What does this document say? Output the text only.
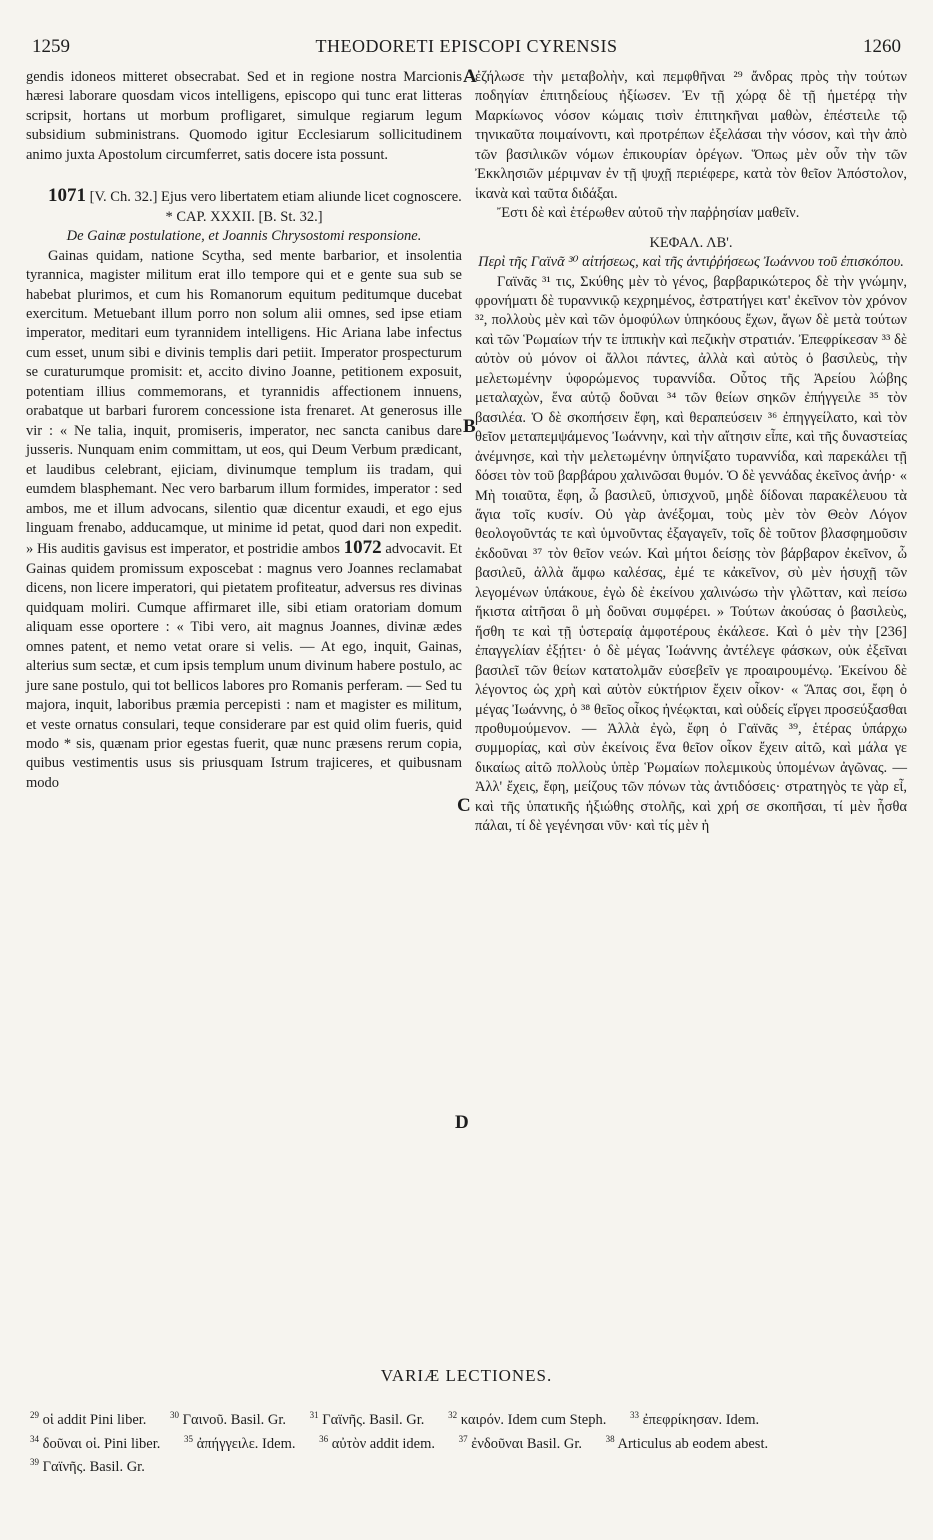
1259	THEODORETI EPISCOPI CYRENSIS	1260

gendis idoneos mitteret obsecrabat. Sed et in regione nostra Marcionis hæresi laborare quosdam vicos intelligens, episcopo qui tunc erat litteras scripsit, hortans ut morbum profligaret, simulque regiarum legum subsidium subministrans. Quomodo igitur Ecclesiarum sollicitudinem animo juxta Apostolum circumferret, satis docere ista possunt.

1071 [V. Ch. 32.] Ejus vero libertatem etiam aliunde licet cognoscere.

* CAP. XXXII. [B. St. 32.]

De Gainæ postulatione, et Joannis Chrysostomi responsione.

Gainas quidam, natione Scytha, sed mente barbarior, et insolentia tyrannica, magister militum erat illo tempore qui et e gente sua sub se habebat plurimos, et cum his Romanorum equitum peditumque ducebat exercitum. Metuebant illum porro non solum alii omnes, sed ipse etiam imperator, meditari eum tyrannidem intelligens. Hic Ariana labe infectus cum esset, unum sibi e divinis templis dari petiit. Imperator prospecturum se curaturumque promisit: et, accito divino Joanne, petitionem exposuit, potentiam illius commemorans, et tyrannidis affectionem innuens, orabatque ut barbari furorem concessione ista frenaret. At generosus ille vir : « Ne talia, inquit, promiseris, imperator, nec sancta canibus dare jusseris. Nunquam enim committam, ut eos, qui Deum Verbum prædicant, et laudibus celebrant, ejiciam, divinumque templum iis tradam, qui eumdem blasphemant. Nec vero barbarum illum formides, imperator : sed ambos, me et illum advocans, silentio quæ dicentur exaudi, et ego ejus linguam frenabo, adducamque, ut minime id petat, quod dari non expedit. » His auditis gavisus est imperator, et postridie ambos 1072 advocavit. Et Gainas quidem promissum exposcebat : magnus vero Joannes reclamabat dicens, non licere imperatori, qui pietatem profiteatur, adversus res divinas quidquam moliri. Cumque affirmaret ille, sibi etiam oratoriam domum aliquam esse oportere : « Tibi vero, ait magnus Joannes, divinæ ædes omnes patent, et nemo vetat orare si velis. — At ego, inquit, Gainas, alterius sum sectæ, et cum ipsis templum unum divinum habere postulo, ac jure sane postulo, qui tot bellicos labores pro Romanis perferam. — Sed tu majora, inquit, laboribus præmia percepisti : nam et magister es militum, et veste ornatus consulari, teque considerare par est quid olim fueris, quid modo * sis, quænam prior egestas fuerit, quæ nunc præsens rerum copia, quibus vestimentis usus sis priusquam Istrum trajiceres, et quibusnam modo

A
B
C
D

ἐζήλωσε τὴν μεταβολὴν, καὶ πεμφθῆναι ²⁹ ἄνδρας πρὸς τὴν τούτων ποδηγίαν ἐπιτηδείους ἠξίωσεν. Ἐν τῇ χώρᾳ δὲ τῇ ἡμετέρᾳ τὴν Μαρκίωνος νόσον κώμαις τισὶν ἐπιτηκῆναι μαθὼν, ἐπέστειλε τῷ τηνικαῦτα ποιμαίνοντι, καὶ προτρέπων ἐξελάσαι τὴν νόσον, καὶ τὴν ἀπὸ τῶν βασιλικῶν νόμων ἐπικουρίαν ὀρέγων. Ὅπως μὲν οὖν τὴν τῶν Ἐκκλησιῶν μέριμναν ἐν τῇ ψυχῇ περιέφερε, κατὰ τὸν θεῖον Ἀπόστολον, ἱκανὰ καὶ ταῦτα διδάξαι.

Ἔστι δὲ καὶ ἑτέρωθεν αὐτοῦ τὴν παῤῥησίαν μαθεῖν.

ΚΕΦΑΛ. ΛΒ'.

Περὶ τῆς Γαϊνᾶ ³⁰ αἰτήσεως, καὶ τῆς ἀντιῤῥήσεως Ἰωάννου τοῦ ἐπισκόπου.

Γαϊνᾶς ³¹ τις, Σκύθης μὲν τὸ γένος, βαρβαρικώτερος δὲ τὴν γνώμην, φρονήματι δὲ τυραννικῷ κεχρημένος, ἐστρατήγει κατ' ἐκεῖνον τὸν χρόνον ³², πολλοὺς μὲν καὶ τῶν ὁμοφύλων ὑπηκόους ἔχων, ἄγων δὲ μετὰ τούτων καὶ τῶν Ῥωμαίων τήν τε ἱππικὴν καὶ πεζικὴν στρατιάν. Ἐπεφρίκεσαν ³³ δὲ αὐτὸν οὐ μόνον οἱ ἄλλοι πάντες, ἀλλὰ καὶ αὐτὸς ὁ βασιλεὺς, τὴν μελετωμένην ὑφορώμενος τυραννίδα. Οὗτος τῆς Ἀρείου λώβης μεταλαχὼν, ἕνα αὐτῷ δοῦναι ³⁴ τῶν θείων σηκῶν ἐπήγγειλε ³⁵ τὸν βασιλέα. Ὁ δὲ σκοπήσειν ἔφη, καὶ θεραπεύσειν ³⁶ ἐπηγγείλατο, καὶ τὸν θεῖον μεταπεμψάμενος Ἰωάννην, καὶ τὴν αἴτησιν εἶπε, καὶ τῆς δυναστείας ἀνέμνησε, καὶ τὴν μελετωμένην ὑπηνίξατο τυραννίδα, καὶ παρεκάλει τῇ δόσει τὸν τοῦ βαρβάρου χαλινῶσαι θυμόν. Ὁ δὲ γεννάδας ἐκεῖνος ἀνήρ· « Μὴ τοιαῦτα, ἔφη, ὦ βασιλεῦ, ὑπισχνοῦ, μηδὲ δίδοναι παρακέλευου τὰ ἅγια τοῖς κυσίν. Οὐ γὰρ ἀνέξομαι, τοὺς μὲν τὸν Θεὸν Λόγον θεολογοῦντάς τε καὶ ὑμνοῦντας ἐξαγαγεῖν, τοῖς δὲ τοῦτον βλασφημοῦσιν ἐκδοῦναι ³⁷ τὸν θεῖον νεών. Καὶ μήτοι δείσῃς τὸν βάρβαρον ἐκεῖνον, ὦ βασιλεῦ, ἀλλὰ ἄμφω καλέσας, ἐμέ τε κἀκεῖνον, σὺ μὲν ἡσυχῇ τῶν λεγομένων ὑπάκουε, ἐγὼ δὲ ἐκείνου χαλινώσω τὴν γλῶτταν, καὶ πείσω ἥκιστα αἰτῆσαι ὃ μὴ δοῦναι συμφέρει. » Τούτων ἀκούσας ὁ βασιλεὺς, ἥσθη τε καὶ τῇ ὑστεραίᾳ ἀμφοτέρους ἐκάλεσε. Καὶ ὁ μὲν τὴν [236] ἐπαγγελίαν ἐξῄτει· ὁ δὲ μέγας Ἰωάννης ἀντέλεγε φάσκων, οὐκ ἐξεῖναι βασιλεῖ τῶν θείων κατατολμᾶν εὐσεβεῖν γε προαιρουμένῳ. Ἐκείνου δὲ λέγοντος ὡς χρὴ καὶ αὐτὸν εὐκτήριον ἔχειν οἶκον· « Ἅπας σοι, ἔφη ὁ μέγας Ἰωάννης, ὁ ³⁸ θεῖος οἶκος ἠνέῳκται, καὶ οὐδείς εἴργει προσεύξασθαι προθυμούμενον. — Ἀλλὰ ἐγὼ, ἔφη ὁ Γαϊνᾶς ³⁹, ἑτέρας ὑπάρχω συμμορίας, καὶ σὺν ἐκείνοις ἕνα θεῖον οἶκον ἔχειν αἰτῶ, καὶ μάλα γε δικαίως αἰτῶ πολλοὺς ὑπὲρ Ῥωμαίων πολεμικοὺς ὑπομένων ἀγῶνας. — Ἀλλ' ἔχεις, ἔφη, μείζους τῶν πόνων τὰς ἀντιδόσεις· στρατηγὸς τε γὰρ εἶ, καὶ τῆς ὑπατικῆς ἠξιώθης στολῆς, καὶ χρή σε σκοπῆσαι, τί μὲν ἦσθα πάλαι, τί δὲ γεγένησαι νῦν· καὶ τίς μὲν ἡ

VARIÆ LECTIONES.
$^{29}$ οἱ addit Pini liber.	$^{30}$ Γαινοῦ. Basil. Gr.	$^{31}$ Γαϊνῆς. Basil. Gr.	$^{32}$ καιρόν. Idem cum Steph.	$^{33}$ ἐπεφρίκησαν. Idem. $^{34}$ δοῦναι οἱ. Pini liber.	$^{35}$ ἀπήγγειλε. Idem.	$^{36}$ αὐτὸν addit idem.	$^{37}$ ἐνδοῦναι Basil. Gr.	$^{38}$ Articulus ab eodem abest. $^{39}$ Γαϊνῆς. Basil. Gr.
